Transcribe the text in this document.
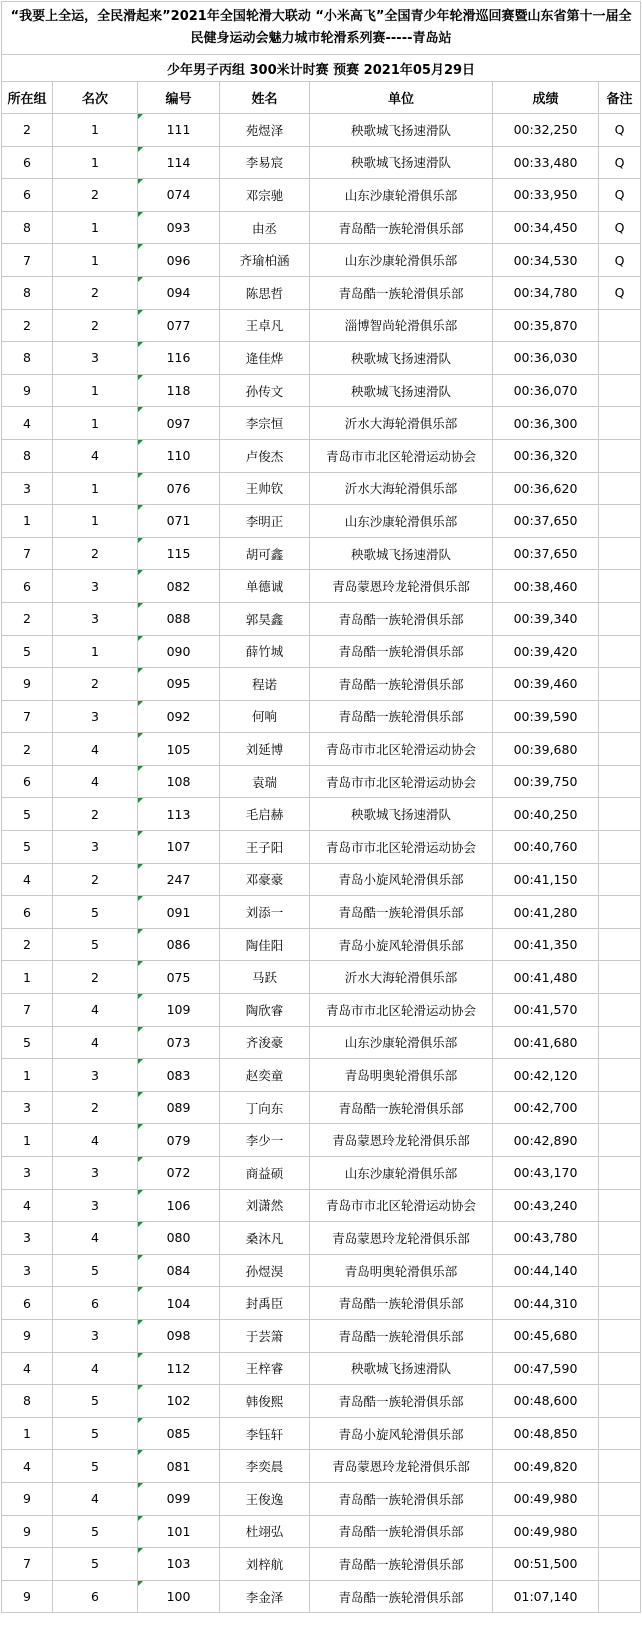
“我要上全运，全民滑起来”2021年全国轮滑大联动 “小米高飞”全国青少年轮滑巡回赛暨山东省第十一届全民健身运动会魅力城市轮滑系列赛-----青岛站						
少年男子丙组 300米计时赛 预赛 2021年05月29日						
所在组	名次	编号	姓名	单位	成绩	备注
2	1	111	苑煜泽	秧歌城飞扬速滑队	00:32,250	Q
6	1	114	李易宸	秧歌城飞扬速滑队	00:33,480	Q
6	2	074	邓宗驰	山东沙康轮滑俱乐部	00:33,950	Q
8	1	093	由丞	青岛酷一族轮滑俱乐部	00:34,450	Q
7	1	096	齐瑜柏涵	山东沙康轮滑俱乐部	00:34,530	Q
8	2	094	陈思哲	青岛酷一族轮滑俱乐部	00:34,780	Q
2	2	077	王卓凡	淄博智尚轮滑俱乐部	00:35,870	
8	3	116	逄佳烨	秧歌城飞扬速滑队	00:36,030	
9	1	118	孙传文	秧歌城飞扬速滑队	00:36,070	
4	1	097	李宗恒	沂水大海轮滑俱乐部	00:36,300	
8	4	110	卢俊杰	青岛市市北区轮滑运动协会	00:36,320	
3	1	076	王帅钦	沂水大海轮滑俱乐部	00:36,620	
1	1	071	李明正	山东沙康轮滑俱乐部	00:37,650	
7	2	115	胡可鑫	秧歌城飞扬速滑队	00:37,650	
6	3	082	单德诚	青岛蒙恩玲龙轮滑俱乐部	00:38,460	
2	3	088	郭昊鑫	青岛酷一族轮滑俱乐部	00:39,340	
5	1	090	薛竹城	青岛酷一族轮滑俱乐部	00:39,420	
9	2	095	程诺	青岛酷一族轮滑俱乐部	00:39,460	
7	3	092	何响	青岛酷一族轮滑俱乐部	00:39,590	
2	4	105	刘延博	青岛市市北区轮滑运动协会	00:39,680	
6	4	108	袁瑞	青岛市市北区轮滑运动协会	00:39,750	
5	2	113	毛启赫	秧歌城飞扬速滑队	00:40,250	
5	3	107	王子阳	青岛市市北区轮滑运动协会	00:40,760	
4	2	247	邓豪豪	青岛小旋风轮滑俱乐部	00:41,150	
6	5	091	刘添一	青岛酷一族轮滑俱乐部	00:41,280	
2	5	086	陶佳阳	青岛小旋风轮滑俱乐部	00:41,350	
1	2	075	马跃	沂水大海轮滑俱乐部	00:41,480	
7	4	109	陶欣睿	青岛市市北区轮滑运动协会	00:41,570	
5	4	073	齐浚豪	山东沙康轮滑俱乐部	00:41,680	
1	3	083	赵奕童	青岛明奥轮滑俱乐部	00:42,120	
3	2	089	丁向东	青岛酷一族轮滑俱乐部	00:42,700	
1	4	079	李少一	青岛蒙恩玲龙轮滑俱乐部	00:42,890	
3	3	072	商益硕	山东沙康轮滑俱乐部	00:43,170	
4	3	106	刘潇然	青岛市市北区轮滑运动协会	00:43,240	
3	4	080	桑沐凡	青岛蒙恩玲龙轮滑俱乐部	00:43,780	
3	5	084	孙煜淏	青岛明奥轮滑俱乐部	00:44,140	
6	6	104	封禹臣	青岛酷一族轮滑俱乐部	00:44,310	
9	3	098	于芸箫	青岛酷一族轮滑俱乐部	00:45,680	
4	4	112	王梓睿	秧歌城飞扬速滑队	00:47,590	
8	5	102	韩俊熙	青岛酷一族轮滑俱乐部	00:48,600	
1	5	085	李钰轩	青岛小旋风轮滑俱乐部	00:48,850	
4	5	081	李奕晨	青岛蒙恩玲龙轮滑俱乐部	00:49,820	
9	4	099	王俊逸	青岛酷一族轮滑俱乐部	00:49,980	
9	5	101	杜翊弘	青岛酷一族轮滑俱乐部	00:49,980	
7	5	103	刘梓航	青岛酷一族轮滑俱乐部	00:51,500	
9	6	100	李金泽	青岛酷一族轮滑俱乐部	01:07,140	
